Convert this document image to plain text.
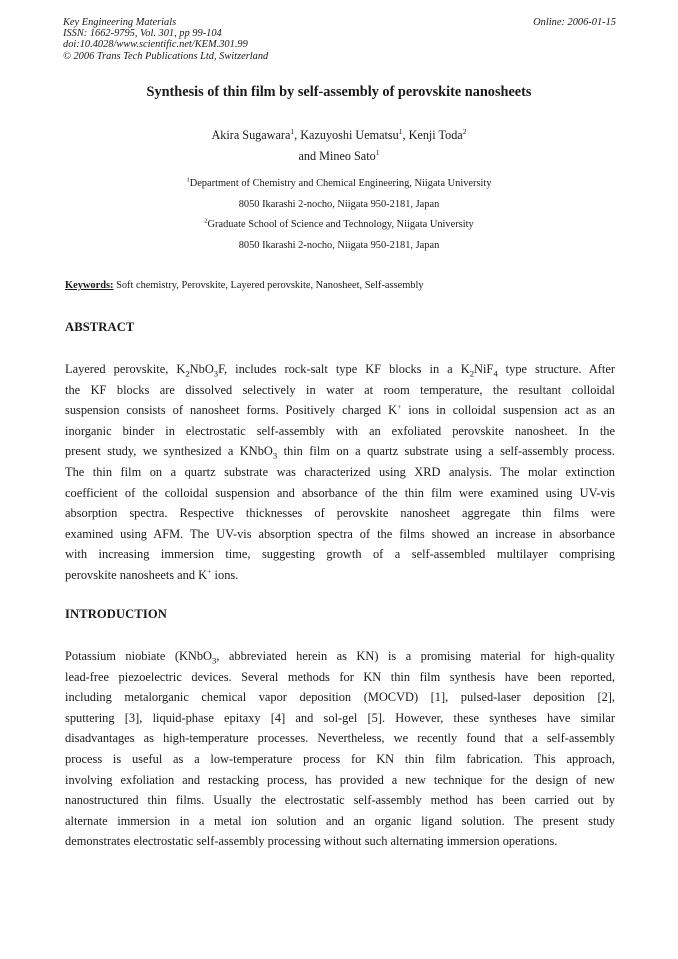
Key Engineering Materials
ISSN: 1662-9795, Vol. 301, pp 99-104
doi:10.4028/www.scientific.net/KEM.301.99
© 2006 Trans Tech Publications Ltd, Switzerland
Online: 2006-01-15
Synthesis of thin film by self-assembly of perovskite nanosheets
Akira Sugawara$^1$, Kazuyoshi Uematsu$^1$, Kenji Toda$^2$
and Mineo Sato$^1$
$^1$Department of Chemistry and Chemical Engineering, Niigata University
8050 Ikarashi 2-nocho, Niigata 950-2181, Japan
$^2$Graduate School of Science and Technology, Niigata University
8050 Ikarashi 2-nocho, Niigata 950-2181, Japan
Keywords: Soft chemistry, Perovskite, Layered perovskite, Nanosheet, Self-assembly
ABSTRACT
Layered perovskite, $K_2NbO_3F$, includes rock-salt type KF blocks in a $K_2NiF_4$ type structure. After
the KF blocks are dissolved selectively in water at room temperature, the resultant colloidal
suspension consists of nanosheet forms. Positively charged K+ ions in colloidal suspension act as an
inorganic binder in electrostatic self-assembly with an exfoliated perovskite nanosheet. In the
present study, we synthesized a KNbO$_3$ thin film on a quartz substrate using a self-assembly process.
The thin film on a quartz substrate was characterized using XRD analysis. The molar extinction
coefficient of the colloidal suspension and absorbance of the thin film were examined using UV-vis
absorption spectra. Respective thicknesses of perovskite nanosheet aggregate thin films were
examined using AFM. The UV-vis absorption spectra of the films showed an increase in absorbance
with increasing immersion time, suggesting growth of a self-assembled multilayer comprising
perovskite nanosheets and K+ ions.
INTRODUCTION
Potassium niobiate (KNbO$_3$, abbreviated herein as KN) is a promising material for high-quality
lead-free piezoelectric devices. Several methods for KN thin film synthesis have been reported,
including metalorganic chemical vapor deposition (MOCVD) [1], pulsed-laser deposition [2],
sputtering [3], liquid-phase epitaxy [4] and sol-gel [5]. However, these syntheses have similar
disadvantages as high-temperature processes. Nevertheless, we recently found that a self-assembly
process is useful as a low-temperature process for KN thin film fabrication. This approach,
involving exfoliation and restacking process, has provided a new technique for the design of new
nanostructured thin films. Usually the electrostatic self-assembly method has been carried out by
alternate immersion in a metal ion solution and an organic ligand solution. The present study
demonstrates electrostatic self-assembly processing without such alternating immersion operations.
